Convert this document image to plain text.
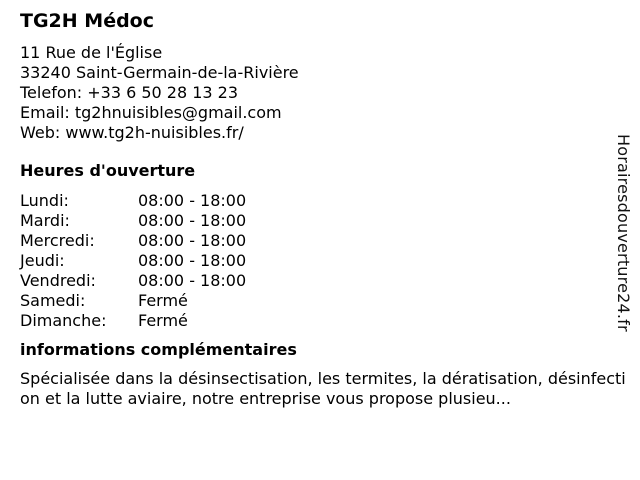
TG2H Médoc
11 Rue de l'Église
33240 Saint-Germain-de-la-Rivière
Telefon: +33 6 50 28 13 23
Email: tg2hnuisibles@gmail.com
Web: www.tg2h-nuisibles.fr/
Heures d'ouverture
Lundi:	08:00 - 18:00
Mardi:	08:00 - 18:00
Mercredi:	08:00 - 18:00
Jeudi:	08:00 - 18:00
Vendredi:	08:00 - 18:00
Samedi:	Fermé
Dimanche:	Fermé
informations complémentaires
Spécialisée dans la désinsectisation, les termites, la dératisation, désinfection et la lutte aviaire, notre entreprise vous propose plusieu...
Horairesdouverture24.fr
